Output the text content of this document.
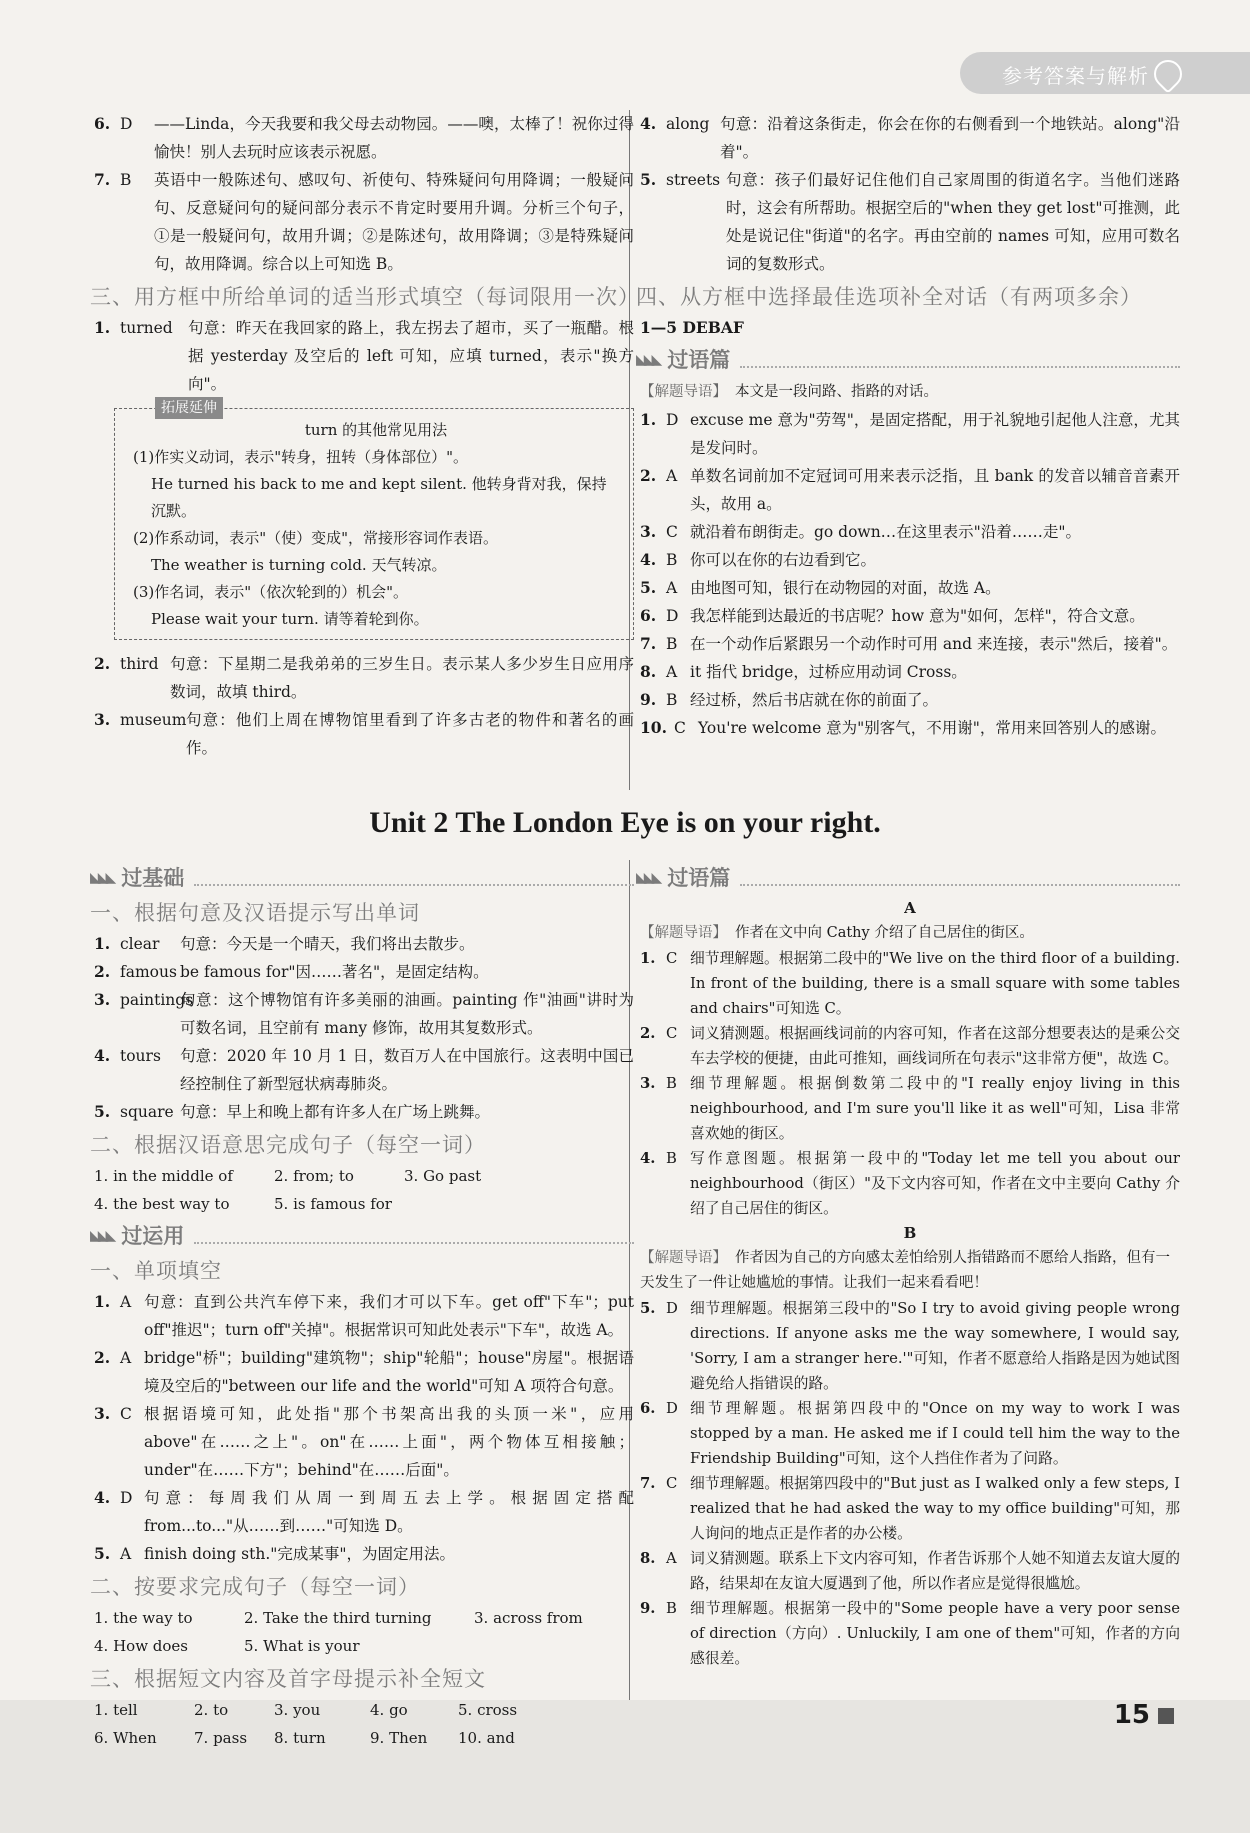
参考答案与解析
6. D	——Linda，今天我要和我父母去动物园。——噢，太棒了！祝你过得愉快！别人去玩时应该表示祝愿。
7. B	英语中一般陈述句、感叹句、祈使句、特殊疑问句用降调；一般疑问句、反意疑问句的疑问部分表示不肯定时要用升调。分析三个句子，①是一般疑问句，故用升调；②是陈述句，故用降调；③是特殊疑问句，故用降调。综合以上可知选 B。
三、用方框中所给单词的适当形式填空（每词限用一次）
1. turned 句意：昨天在我回家的路上，我左拐去了超市，买了一瓶醋。根据 yesterday 及空后的 left 可知，应填 turned，表示"换方向"。
拓展延伸
turn 的其他常见用法
(1)作实义动词，表示"转身，扭转（身体部位）"。
He turned his back to me and kept silent. 他转身背对我，保持沉默。
(2)作系动词，表示"（使）变成"，常接形容词作表语。
The weather is turning cold. 天气转凉。
(3)作名词，表示"（依次轮到的）机会"。
Please wait your turn. 请等着轮到你。
2. third 句意：下星期二是我弟弟的三岁生日。表示某人多少岁生日应用序数词，故填 third。
3. museum 句意：他们上周在博物馆里看到了许多古老的物件和著名的画作。
4. along 句意：沿着这条街走，你会在你的右侧看到一个地铁站。along"沿着"。
5. streets 句意：孩子们最好记住他们自己家周围的街道名字。当他们迷路时，这会有所帮助。根据空后的"when they get lost"可推测，此处是说记住"街道"的名字。再由空前的 names 可知，应用可数名词的复数形式。
四、从方框中选择最佳选项补全对话（有两项多余）
1—5 DEBAF
◣◣◣ 过语篇
【解题导语】 本文是一段问路、指路的对话。
1. D excuse me 意为"劳驾"，是固定搭配，用于礼貌地引起他人注意，尤其是发问时。
2. A 单数名词前加不定冠词可用来表示泛指，且 bank 的发音以辅音音素开头，故用 a。
3. C 就沿着布朗街走。go down…在这里表示"沿着……走"。
4. B 你可以在你的右边看到它。
5. A 由地图可知，银行在动物园的对面，故选 A。
6. D 我怎样能到达最近的书店呢？how 意为"如何，怎样"，符合文意。
7. B 在一个动作后紧跟另一个动作时可用 and 来连接，表示"然后，接着"。
8. A it 指代 bridge，过桥应用动词 Cross。
9. B 经过桥，然后书店就在你的前面了。
10. C You're welcome 意为"别客气，不用谢"，常用来回答别人的感谢。
Unit 2 The London Eye is on your right.
◣◣◣ 过基础
一、根据句意及汉语提示写出单词
1. clear	句意：今天是一个晴天，我们将出去散步。
2. famous be famous for"因……著名"，是固定结构。
3. paintings
句意：这个博物馆有许多美丽的油画。painting 作"油画"讲时为可数名词，且空前有 many 修饰，故用其复数形式。
4. tours	句意：2020 年 10 月 1 日，数百万人在中国旅行。这表明中国已经控制住了新型冠状病毒肺炎。
5. square 句意：早上和晚上都有许多人在广场上跳舞。
二、根据汉语意思完成句子（每空一词）
1. in the middle of	2. from; to	3. Go past
4. the best way to	5. is famous for
◣◣◣ 过运用
一、单项填空
1. A 句意：直到公共汽车停下来，我们才可以下车。get off"下车"；put off"推迟"；turn off"关掉"。根据常识可知此处表示"下车"，故选 A。
2. A bridge"桥"；building"建筑物"；ship"轮船"；house"房屋"。根据语境及空后的"between our life and the world"可知 A 项符合句意。
3. C 根据语境可知，此处指"那个书架高出我的头顶一米"，应用 above"在……之上"。on"在……上面"，两个物体互相接触；under"在……下方"；behind"在……后面"。
4. D 句意：每周我们从周一到周五去上学。根据固定搭配 from...to..."从……到……"可知选 D。
5. A finish doing sth."完成某事"，为固定用法。
二、按要求完成句子（每空一词）
1. the way to	2. Take the third turning	3. across from
4. How does	5. What is your
三、根据短文内容及首字母提示补全短文
1. tell	2. to	3. you	4. go	5. cross
6. When	7. pass	8. turn	9. Then	10. and
◣◣◣ 过语篇
A
【解题导语】 作者在文中向 Cathy 介绍了自己居住的街区。
1. C 细节理解题。根据第二段中的"We live on the third floor of a building. In front of the building, there is a small square with some tables and chairs"可知选 C。
2. C 词义猜测题。根据画线词前的内容可知，作者在这部分想要表达的是乘公交车去学校的便捷，由此可推知，画线词所在句表示"这非常方便"，故选 C。
3. B 细节理解题。根据倒数第二段中的"I really enjoy living in this neighbourhood, and I'm sure you'll like it as well"可知，Lisa 非常喜欢她的街区。
4. B 写作意图题。根据第一段中的"Today let me tell you about our neighbourhood（街区）"及下文内容可知，作者在文中主要向 Cathy 介绍了自己居住的街区。
B
【解题导语】 作者因为自己的方向感太差怕给别人指错路而不愿给人指路，但有一天发生了一件让她尴尬的事情。让我们一起来看看吧！
5. D 细节理解题。根据第三段中的"So I try to avoid giving people wrong directions. If anyone asks me the way somewhere, I would say, 'Sorry, I am a stranger here.'"可知，作者不愿意给人指路是因为她试图避免给人指错误的路。
6. D 细节理解题。根据第四段中的"Once on my way to work I was stopped by a man. He asked me if I could tell him the way to the Friendship Building"可知，这个人挡住作者为了问路。
7. C 细节理解题。根据第四段中的"But just as I walked only a few steps, I realized that he had asked the way to my office building"可知，那人询问的地点正是作者的办公楼。
8. A 词义猜测题。联系上下文内容可知，作者告诉那个人她不知道去友谊大厦的路，结果却在友谊大厦遇到了他，所以作者应是觉得很尴尬。
9. B 细节理解题。根据第一段中的"Some people have a very poor sense of direction（方向）. Unluckily, I am one of them"可知，作者的方向感很差。
15
